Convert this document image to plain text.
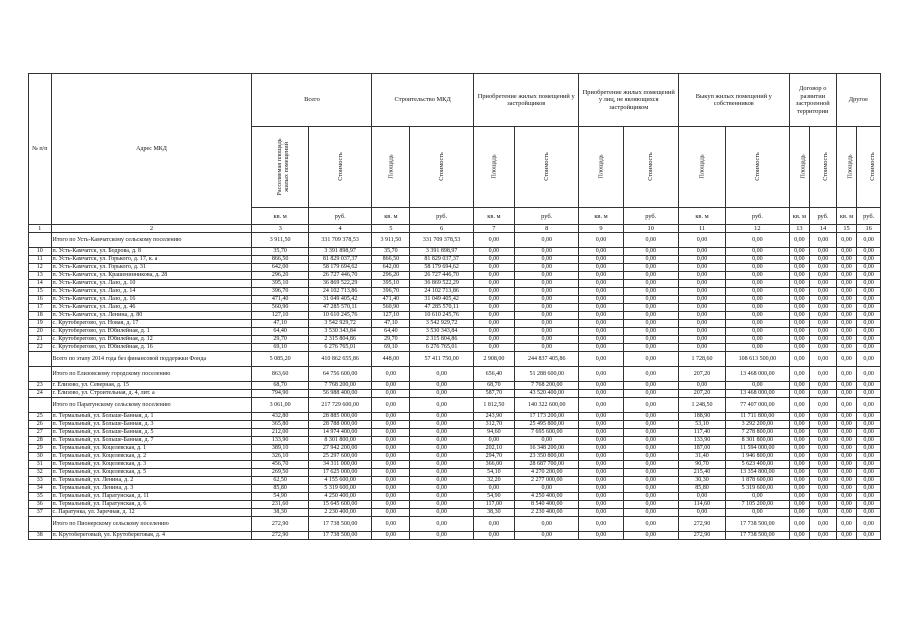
№ п/п	Адрес МКД	Всего		Строительство МКД		Приобретение жилых помещений у застройщиков		Приобретение жилых помещений у лиц, не являющихся застройщиком		Выкуп жилых помещений у собственников		Договор о развитии застроенной территории		Другое	
		Расселяемая площадь жилых помещений	Стоимость	Площадь	Стоимость	Площадь	Стоимость	Площадь	Стоимость	Площадь	Стоимость	Площадь	Стоимость	Площадь	Стоимость
		кв. м	руб.	кв. м	руб.	кв. м	руб.	кв. м	руб.	кв. м	руб.	кв. м	руб.	кв. м	руб.
1	2	3	4	5	6	7	8	9	10	11	12	13	14	15	16
	Итого по Усть-Камчатскому сельскому поселению	3 911,50	331 709 378,53	3 911,50	331 709 378,53	0,00	0,00	0,00	0,00	0,00	0,00	0,00	0,00	0,00	0,00
10	п. Усть-Камчатск, ул. Бодрова, д. 8	35,70	3 391 898,97	35,70	3 391 898,97	0,00	0,00	0,00	0,00	0,00	0,00	0,00	0,00	0,00	0,00
11	п. Усть-Камчатск, ул. Горького, д. 17, к. а	866,50	81 829 037,37	866,50	81 829 037,37	0,00	0,00	0,00	0,00	0,00	0,00	0,00	0,00	0,00	0,00
12	п. Усть-Камчатск, ул. Горького, д. 31	642,00	58 179 694,62	642,00	58 179 694,62	0,00	0,00	0,00	0,00	0,00	0,00	0,00	0,00	0,00	0,00
13	п. Усть-Камчатск, ул. Крашенинникова, д. 28	296,20	26 727 446,70	296,20	26 727 446,70	0,00	0,00	0,00	0,00	0,00	0,00	0,00	0,00	0,00	0,00
14	п. Усть-Камчатск, ул. Лазо, д. 10	395,10	36 869 522,29	395,10	36 869 522,29	0,00	0,00	0,00	0,00	0,00	0,00	0,00	0,00	0,00	0,00
15	п. Усть-Камчатск, ул. Лазо, д. 14	396,70	24 102 713,86	396,70	24 102 713,86	0,00	0,00	0,00	0,00	0,00	0,00	0,00	0,00	0,00	0,00
16	п. Усть-Камчатск, ул. Лазо, д. 16	471,40	31 049 405,42	471,40	31 049 405,42	0,00	0,00	0,00	0,00	0,00	0,00	0,00	0,00	0,00	0,00
17	п. Усть-Камчатск, ул. Лазо, д. 46	560,90	47 285 570,11	560,90	47 285 570,11	0,00	0,00	0,00	0,00	0,00	0,00	0,00	0,00	0,00	0,00
18	п. Усть-Камчатск, ул. Ленина, д. 80	127,10	10 610 245,76	127,10	10 610 245,76	0,00	0,00	0,00	0,00	0,00	0,00	0,00	0,00	0,00	0,00
19	с. Крутоберегово, ул. Новая, д. 17	47,10	3 542 929,72	47,10	3 542 929,72	0,00	0,00	0,00	0,00	0,00	0,00	0,00	0,00	0,00	0,00
20	с. Крутоберегово, ул. Юбилейная, д. 1	64,40	3 530 343,84	64,40	3 530 343,84	0,00	0,00	0,00	0,00	0,00	0,00	0,00	0,00	0,00	0,00
21	с. Крутоберегово, ул. Юбилейная, д. 12	29,70	2 315 804,86	29,70	2 315 804,86	0,00	0,00	0,00	0,00	0,00	0,00	0,00	0,00	0,00	0,00
22	с. Крутоберегово, ул. Юбилейная, д. 16	69,10	6 276 765,01	69,10	6 276 765,01	0,00	0,00	0,00	0,00	0,00	0,00	0,00	0,00	0,00	0,00
	Всего по этапу 2014 года без финансовой поддержки Фонда	5 085,20	410 862 655,86	448,00	57 411 750,00	2 908,00	244 837 405,86	0,00	0,00	1 728,60	108 613 500,00	0,00	0,00	0,00	0,00
	Итого по Елизовскому городскому поселению	863,60	64 756 600,00	0,00	0,00	656,40	51 288 600,00	0,00	0,00	207,20	13 468 000,00	0,00	0,00	0,00	0,00
23	г. Елизово, ул. Северная, д. 15	68,70	7 768 200,00	0,00	0,00	68,70	7 768 200,00	0,00	0,00	0,00	0,00	0,00	0,00	0,00	0,00
24	г. Елизово, ул. Строительная, д. 4, лит. а	794,90	56 988 400,00	0,00	0,00	587,70	43 520 400,00	0,00	0,00	207,20	13 468 000,00	0,00	0,00	0,00	0,00
	Итого по Паратунскому сельскому поселению	3 061,00	217 729 600,00	0,00	0,00	1 812,50	140 322 600,00	0,00	0,00	1 248,50	77 407 000,00	0,00	0,00	0,00	0,00
25	п. Термальный, ул. Больше-Банная, д. 1	432,80	28 885 000,00	0,00	0,00	243,90	17 173 200,00	0,00	0,00	188,90	11 711 800,00	0,00	0,00	0,00	0,00
26	п. Термальный, ул. Больше-Банная, д. 3	365,80	28 788 000,00	0,00	0,00	312,70	25 495 800,00	0,00	0,00	53,10	3 292 200,00	0,00	0,00	0,00	0,00
27	п. Термальный, ул. Больше-Банная, д. 5	212,00	14 974 400,00	0,00	0,00	94,60	7 695 600,00	0,00	0,00	117,40	7 278 800,00	0,00	0,00	0,00	0,00
28	п. Термальный, ул. Больше-Банная, д. 7	133,90	8 301 800,00	0,00	0,00	0,00	0,00	0,00	0,00	133,90	8 301 800,00	0,00	0,00	0,00	0,00
29	п. Термальный, ул. Коцелевская, д. 1	389,10	27 942 200,00	0,00	0,00	202,10	16 348 200,00	0,00	0,00	187,00	11 594 000,00	0,00	0,00	0,00	0,00
30	п. Термальный, ул. Коцелевская, д. 2	326,10	25 297 600,00	0,00	0,00	294,70	23 350 800,00	0,00	0,00	31,40	1 946 800,00	0,00	0,00	0,00	0,00
31	п. Термальный, ул. Коцелевская, д. 3	456,70	34 311 000,00	0,00	0,00	366,00	28 687 700,00	0,00	0,00	90,70	5 623 400,00	0,00	0,00	0,00	0,00
32	п. Термальный, ул. Коцелевская, д. 5	269,50	17 625 000,00	0,00	0,00	54,10	4 270 200,00	0,00	0,00	215,40	13 354 800,00	0,00	0,00	0,00	0,00
33	п. Термальный, ул. Ленина, д. 2	62,50	4 155 600,00	0,00	0,00	32,20	2 277 000,00	0,00	0,00	30,30	1 878 600,00	0,00	0,00	0,00	0,00
34	п. Термальный, ул. Ленина, д. 3	85,80	5 319 600,00	0,00	0,00	0,00	0,00	0,00	0,00	85,80	5 319 600,00	0,00	0,00	0,00	0,00
35	п. Термальный, ул. Паратунская, д. 11	54,90	4 250 400,00	0,00	0,00	54,90	4 250 400,00	0,00	0,00	0,00	0,00	0,00	0,00	0,00	0,00
36	п. Термальный, ул. Паратунская, д. 6	231,60	15 645 600,00	0,00	0,00	117,00	8 540 400,00	0,00	0,00	114,60	7 105 200,00	0,00	0,00	0,00	0,00
37	с. Паратунка, ул. Заречная, д. 12	38,30	2 230 400,00	0,00	0,00	38,30	2 230 400,00	0,00	0,00	0,00	0,00	0,00	0,00	0,00	0,00
	Итого по Пионерскому сельскому поселению	272,90	17 738 500,00	0,00	0,00	0,00	0,00	0,00	0,00	272,90	17 738 500,00	0,00	0,00	0,00	0,00
38	п. Крутобереговый, ул. Крутобереговая, д. 4	272,90	17 738 500,00	0,00	0,00	0,00	0,00	0,00	0,00	272,90	17 738 500,00	0,00	0,00	0,00	0,00
